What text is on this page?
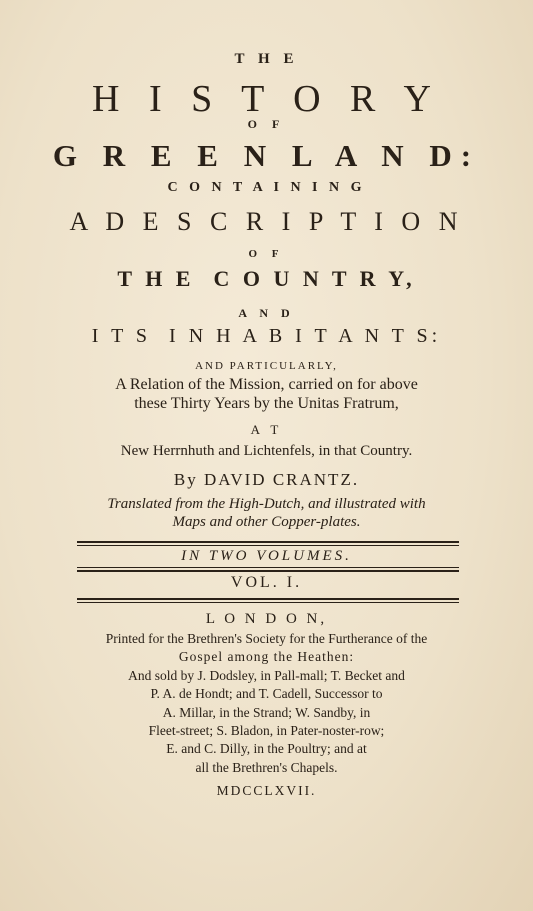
T H E
H I S T O R Y
O F
G R E E N L A N D:
C O N T A I N I N G
A D E S C R I P T I O N
O F
T H E  C O U N T R Y,
A N D
I T S  I N H A B I T A N T S:
AND PARTICULARLY,
A Relation of the Mission, carried on for above
these Thirty Years by the Unitas Fratrum,
A T
New Herrnhuth and Lichtenfels, in that Country.
By DAVID CRANTZ.
Translated from the High-Dutch, and illustrated with
Maps and other Copper-plates.
IN TWO VOLUMES.
VOL. I.
L O N D O N,
Printed for the Brethren's Society for the Furtherance of the
Gospel among the Heathen:
And sold by J. Dodsley, in Pall-mall; T. Becket and
P. A. de Hondt; and T. Cadell, Successor to
A. Millar, in the Strand; W. Sandby, in
Fleet-street; S. Bladon, in Pater-noster-row;
E. and C. Dilly, in the Poultry; and at
all the Brethren's Chapels.
MDCCLXVII.
